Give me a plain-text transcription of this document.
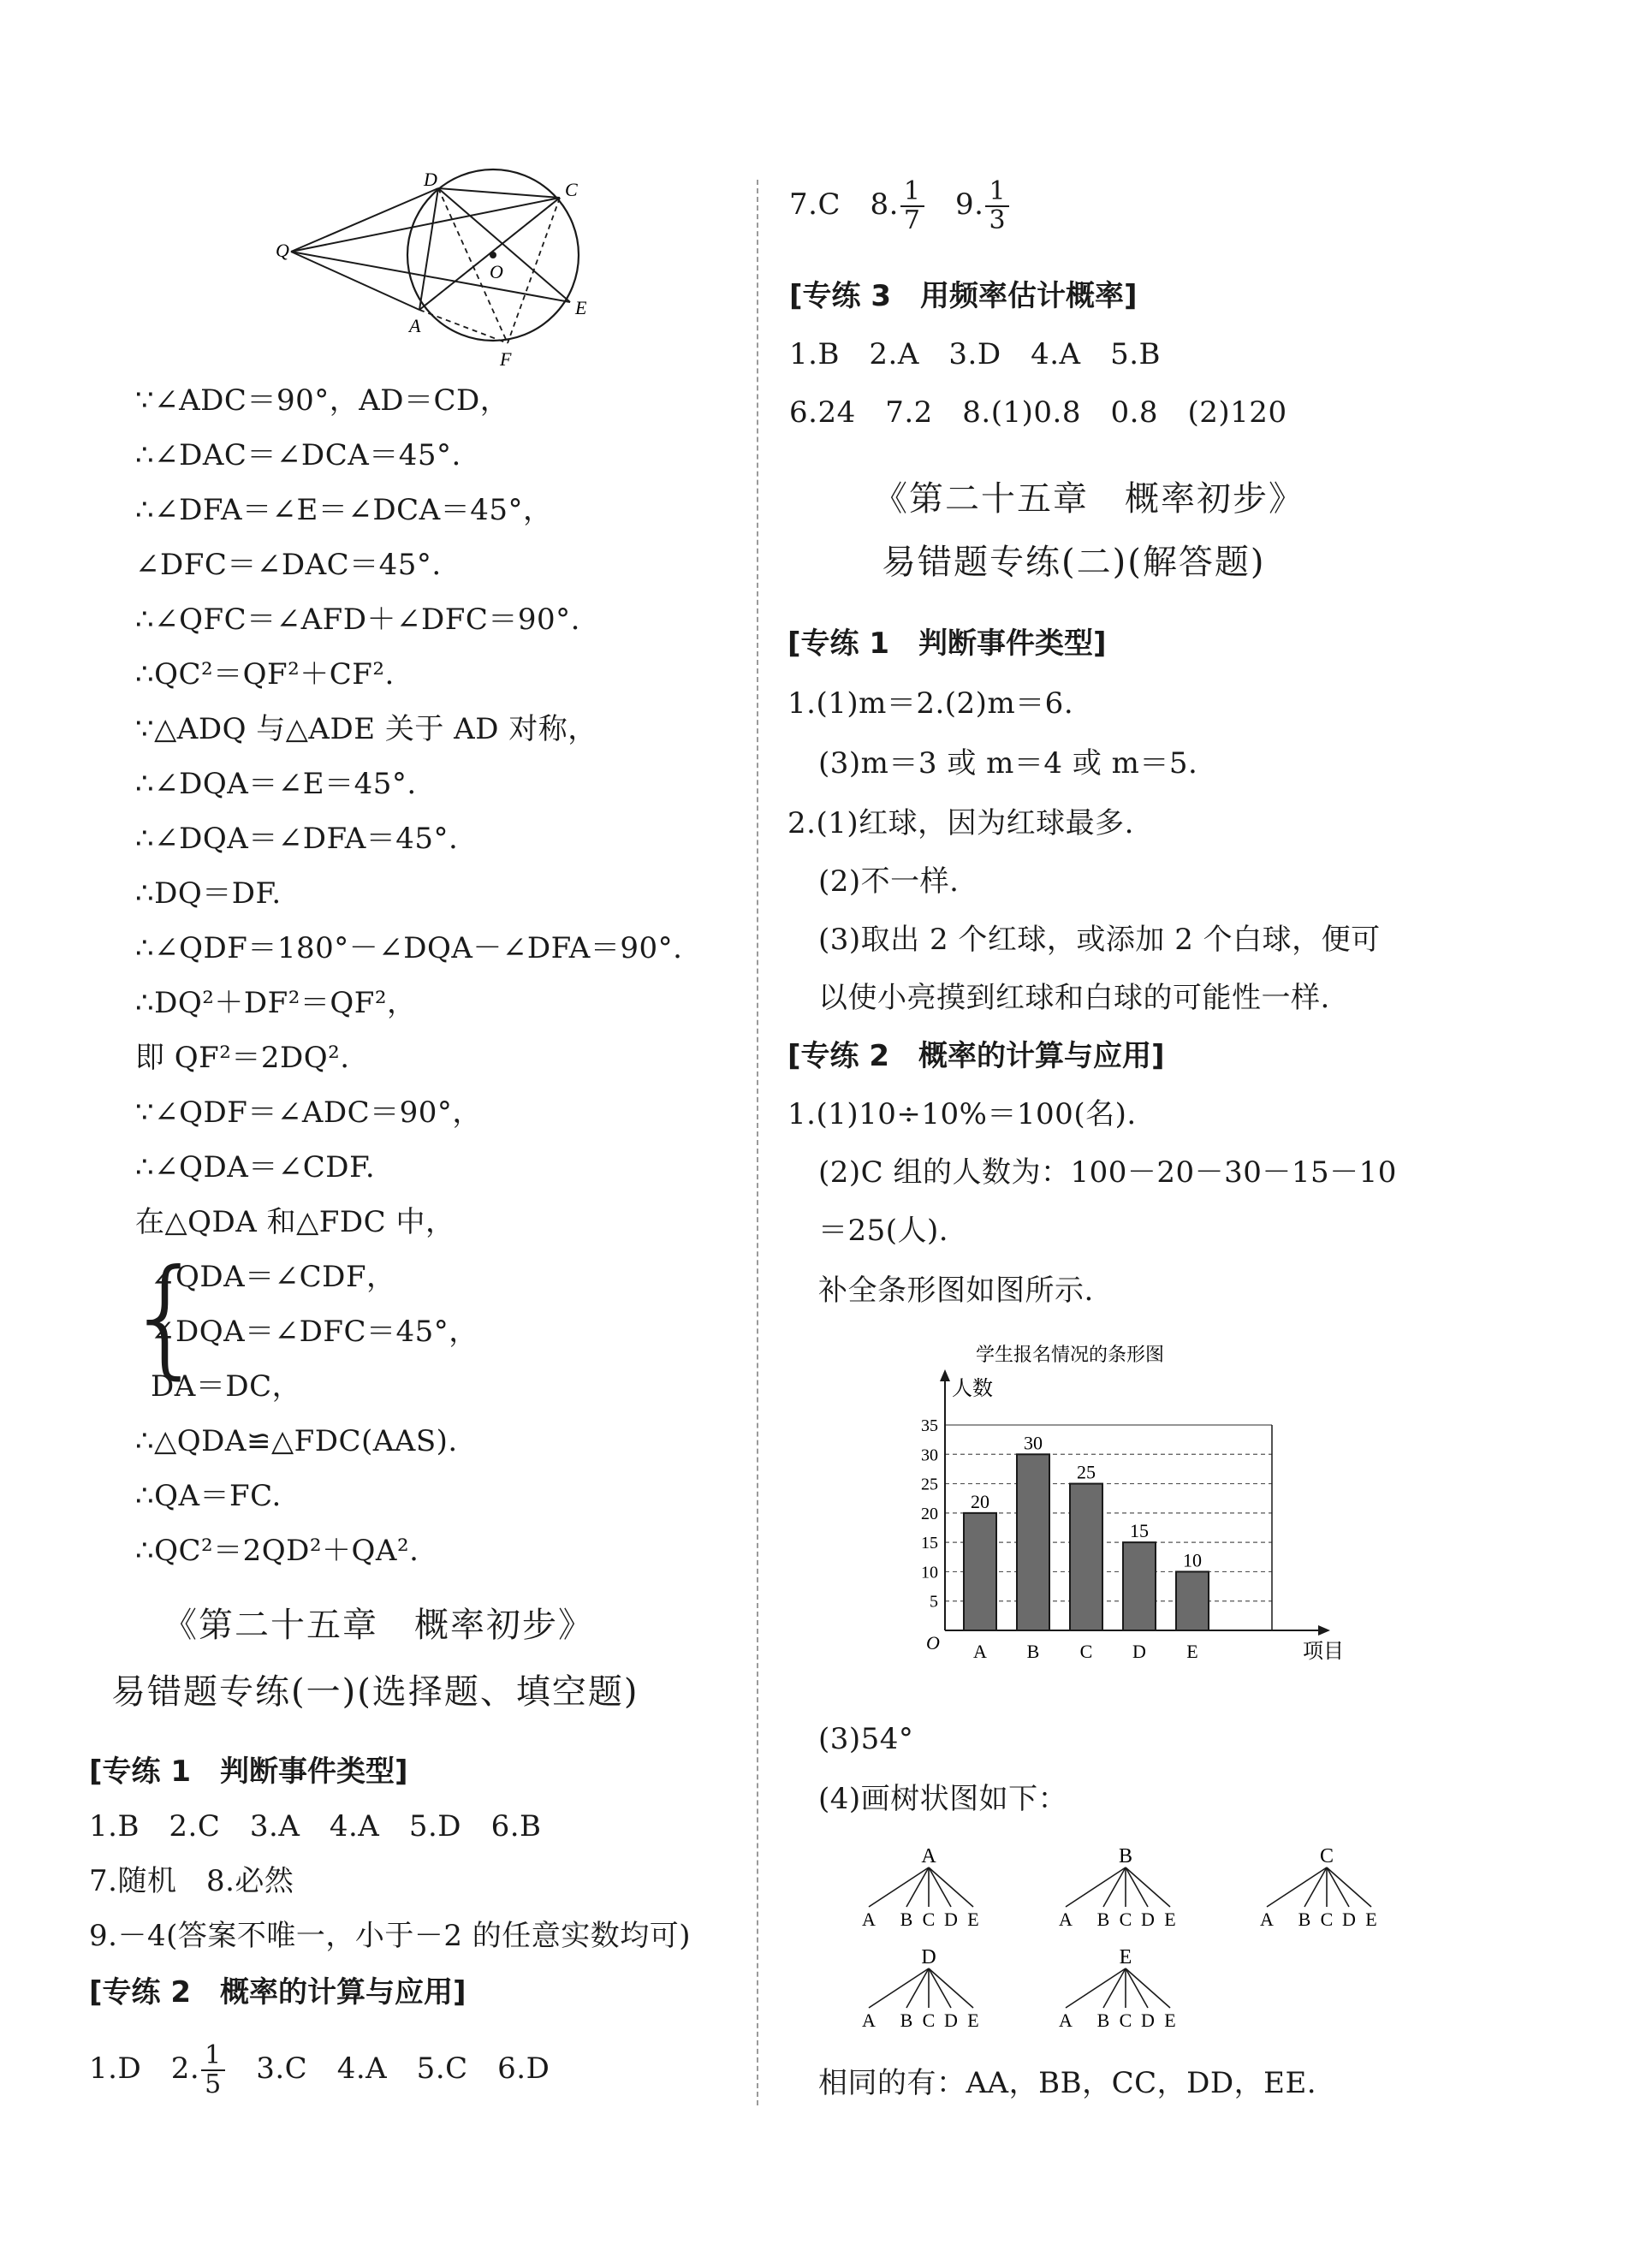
D	C
Q
O
A
E
F
∵∠ADC＝90°，AD＝CD，
∴∠DAC＝∠DCA＝45°.
∴∠DFA＝∠E＝∠DCA＝45°，
∠DFC＝∠DAC＝45°.
∴∠QFC＝∠AFD＋∠DFC＝90°.
∴QC²＝QF²＋CF².
∵△ADQ 与△ADE 关于 AD 对称，
∴∠DQA＝∠E＝45°.
∴∠DQA＝∠DFA＝45°.
∴DQ＝DF.
∴∠QDF＝180°－∠DQA－∠DFA＝90°.
∴DQ²＋DF²＝QF²，
即 QF²＝2DQ².
∵∠QDF＝∠ADC＝90°，
∴∠QDA＝∠CDF.
在△QDA 和△FDC 中，
{
∠QDA＝∠CDF，
∠DQA＝∠DFC＝45°，
DA＝DC，
∴△QDA≌△FDC(AAS).
∴QA＝FC.
∴QC²＝2QD²＋QA².
《第二十五章　概率初步》
易错题专练(一)(选择题、填空题)
[专练 1　判断事件类型]
1.B　2.C　3.A　4.A　5.D　6.B
7.随机　8.必然
9.－4(答案不唯一，小于－2 的任意实数均可)
[专练 2　概率的计算与应用]
1.D　2. $\frac{1}{5}$
　 3.C　4.A　5.C　6.D
7.C　8. $\frac{1}{7}$
　 9. $\frac{1}{3}$
[专练 3　用频率估计概率]
1.B　2.A　3.D　4.A　5.B
6.24　7.2　8.(1)0.8　0.8　(2)120
《第二十五章　概率初步》
易错题专练(二)(解答题)
[专练 1　判断事件类型]
1.(1)m＝2.(2)m＝6.
(3)m＝3 或 m＝4 或 m＝5.
2.(1)红球，因为红球最多.
(2)不一样.
(3)取出 2 个红球，或添加 2 个白球，便可
以使小亮摸到红球和白球的可能性一样.
[专练 2　概率的计算与应用]
1.(1)10÷10%＝100(名).
(2)C 组的人数为：100－20－30－15－10
＝25(人).
补全条形图如图所示.
学生报名情况的条形图
5
10
15
20
25
30
35
人数
项目
O
20
A
30
B
25
C
15
D
10
E
(3)54°
(4)画树状图如下：
A
A B C D E
B
A B C D E
C
A B C D E
D
A B C D E
E
A B C D E
相同的有：AA，BB，CC，DD，EE.
